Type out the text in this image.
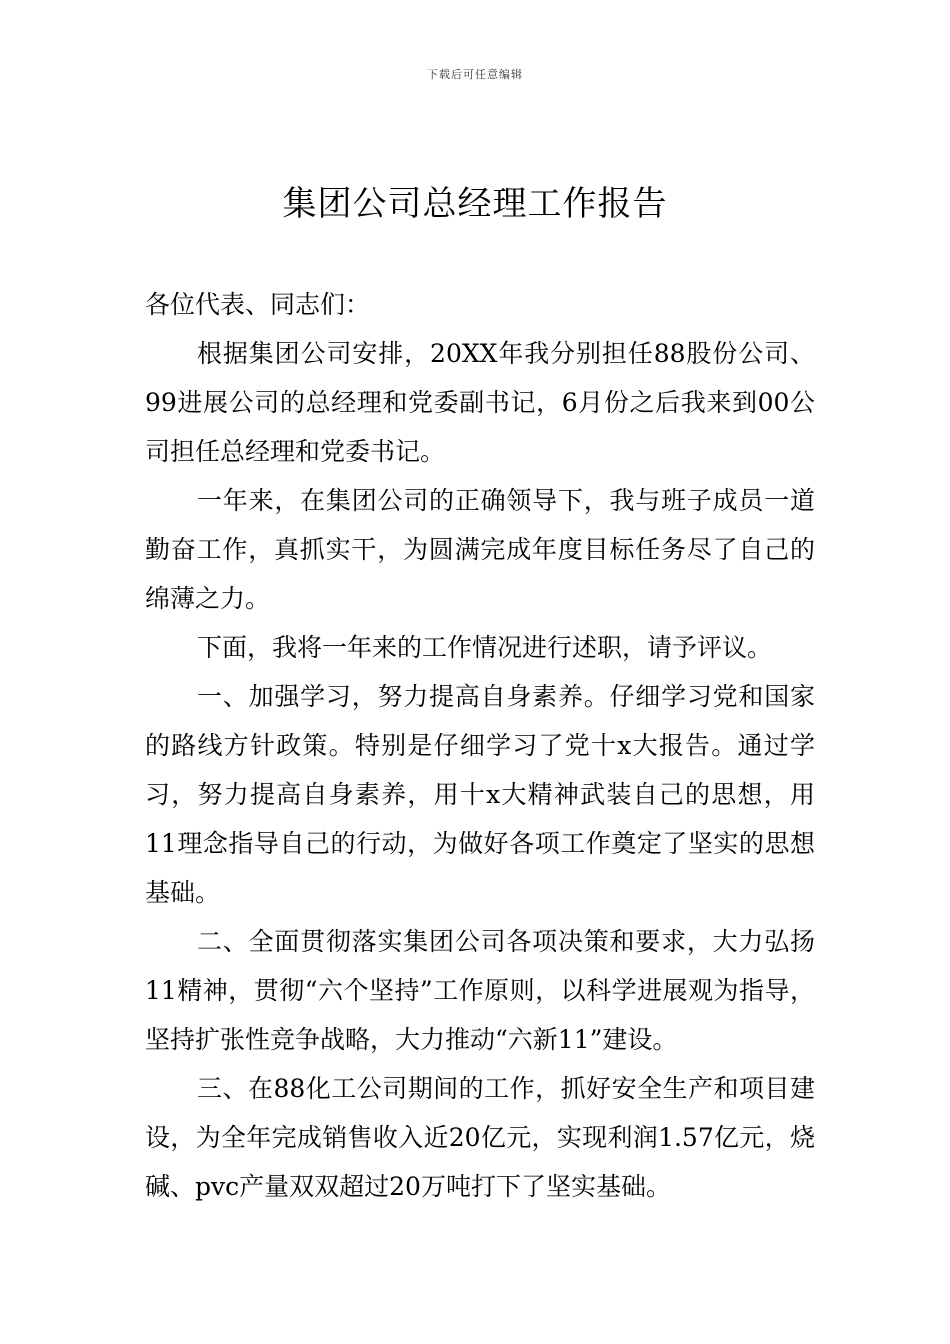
下载后可任意编辑
集团公司总经理工作报告

各位代表、同志们：

根据集团公司安排，20XX年我分别担任88股份公司、99进展公司的总经理和党委副书记，6月份之后我来到00公司担任总经理和党委书记。

一年来，在集团公司的正确领导下，我与班子成员一道勤奋工作，真抓实干，为圆满完成年度目标任务尽了自己的绵薄之力。

下面，我将一年来的工作情况进行述职，请予评议。

一、加强学习，努力提高自身素养。仔细学习党和国家的路线方针政策。特别是仔细学习了党十x大报告。通过学习，努力提高自身素养，用十x大精神武装自己的思想，用11理念指导自己的行动，为做好各项工作奠定了坚实的思想基础。

二、全面贯彻落实集团公司各项决策和要求，大力弘扬11精神，贯彻“六个坚持”工作原则，以科学进展观为指导，坚持扩张性竞争战略，大力推动“六新11”建设。

三、在88化工公司期间的工作，抓好安全生产和项目建设，为全年完成销售收入近20亿元，实现利润1.57亿元，烧碱、pvc产量双双超过20万吨打下了坚实基础。
